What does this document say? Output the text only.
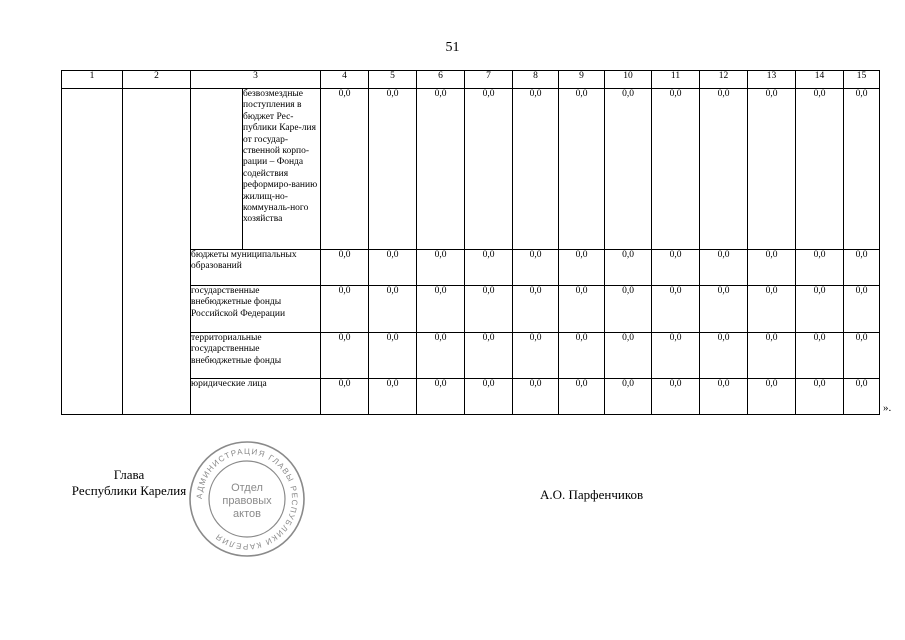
51
1	2	3		4	5	6	7	8	9	10	11	12	13	14	15
			безвозмездные поступления в бюджет Рес-публики Каре-лия от государ-ственной корпо-рации – Фонда содействия реформиро-ванию жилищ-но-коммуналь-ного хозяйства	0,0	0,0	0,0	0,0	0,0	0,0	0,0	0,0	0,0	0,0	0,0	0,0
		бюджеты муниципальных образований		0,0	0,0	0,0	0,0	0,0	0,0	0,0	0,0	0,0	0,0	0,0	0,0
		государственные внебюджетные фонды Российской Федерации		0,0	0,0	0,0	0,0	0,0	0,0	0,0	0,0	0,0	0,0	0,0	0,0
		территориальные государственные внебюджетные фонды		0,0	0,0	0,0	0,0	0,0	0,0	0,0	0,0	0,0	0,0	0,0	0,0
		юридические лица		0,0	0,0	0,0	0,0	0,0	0,0	0,0	0,0	0,0	0,0	0,0	0,0
».
Глава
Республики Карелия	АДМИНИСТРАЦИЯ ГЛАВЫ РЕСПУБЛИКИ КАРЕЛИЯ
Отдел
правовых
актов
А.О. Парфенчиков
